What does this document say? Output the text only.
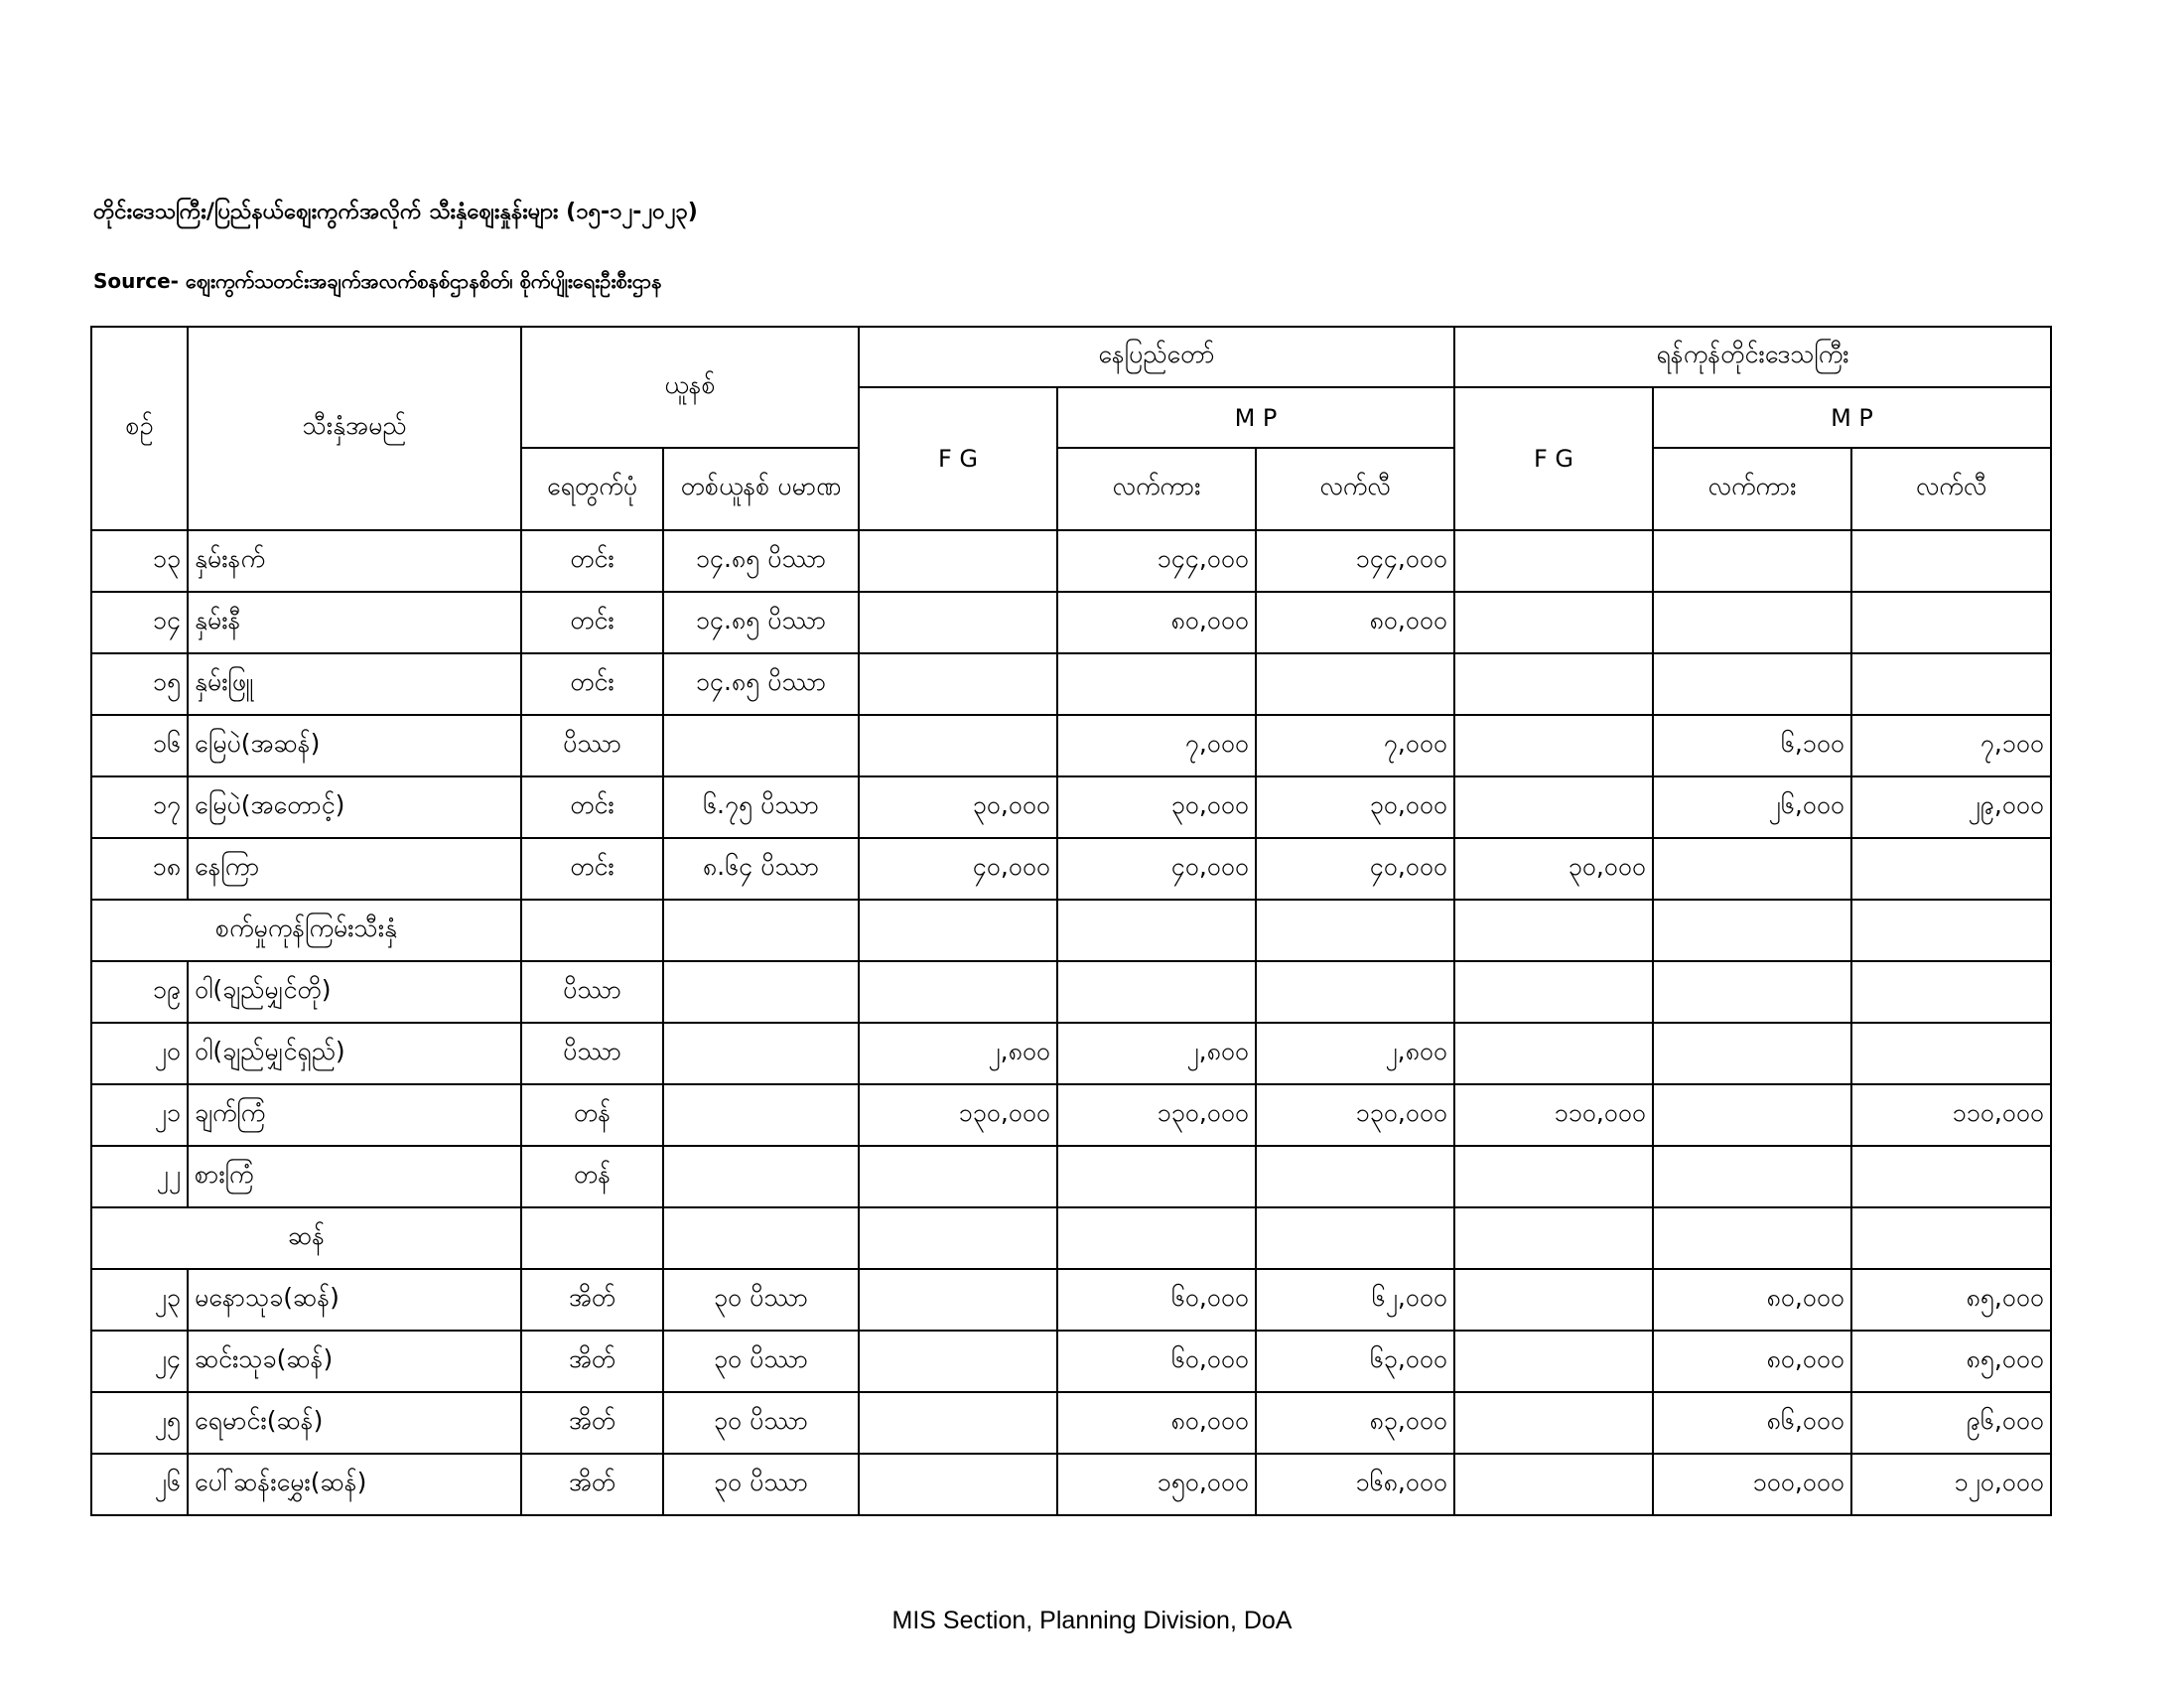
တိုင်းဒေသကြီး/ပြည်နယ်ဈေးကွက်အလိုက် သီးနှံဈေးနှုန်းများ (၁၅-၁၂-၂၀၂၃)
Source- ဈေးကွက်သတင်းအချက်အလက်စနစ်ဌာနစိတ်၊ စိုက်ပျိုးရေးဦးစီးဌာန
စဉ်	သီးနှံအမည်	ယူနစ်		နေပြည်တော်			ရန်ကုန်တိုင်းဒေသကြီး		
				F G	M P		F G	M P	
		ရေတွက်ပုံ	တစ်ယူနစ် ပမာဏ		လက်ကား	လက်လီ		လက်ကား	လက်လီ
၁၃	နှမ်းနက်	တင်း	၁၄.၈၅ ပိဿာ		၁၄၄,၀၀၀	၁၄၄,၀၀၀			
၁၄	နှမ်းနီ	တင်း	၁၄.၈၅ ပိဿာ		၈၀,၀၀၀	၈၀,၀၀၀			
၁၅	နှမ်းဖြူ	တင်း	၁၄.၈၅ ပိဿာ						
၁၆	မြေပဲ(အဆန်)	ပိဿာ			၇,၀၀၀	၇,၀၀၀		၆,၁၀၀	၇,၁၀၀
၁၇	မြေပဲ(အတောင့်)	တင်း	၆.၇၅ ပိဿာ	၃၀,၀၀၀	၃၀,၀၀၀	၃၀,၀၀၀		၂၆,၀၀၀	၂၉,၀၀၀
၁၈	နေကြာ	တင်း	၈.၆၄ ပိဿာ	၄၀,၀၀၀	၄၀,၀၀၀	၄၀,၀၀၀	၃၀,၀၀၀		
စက်မှုကုန်ကြမ်းသီးနှံ									
၁၉	ဝါ(ချည်မျှင်တို)	ပိဿာ							
၂၀	ဝါ(ချည်မျှင်ရှည်)	ပိဿာ		၂,၈၀၀	၂,၈၀၀	၂,၈၀၀			
၂၁	ချက်ကြံ	တန်		၁၃၀,၀၀၀	၁၃၀,၀၀၀	၁၃၀,၀၀၀	၁၁၀,၀၀၀		၁၁၀,၀၀၀
၂၂	စားကြံ	တန်							
ဆန်									
၂၃	မနောသုခ(ဆန်)	အိတ်	၃၀ ပိဿာ		၆၀,၀၀၀	၆၂,၀၀၀		၈၀,၀၀၀	၈၅,၀၀၀
၂၄	ဆင်းသုခ(ဆန်)	အိတ်	၃၀ ပိဿာ		၆၀,၀၀၀	၆၃,၀၀၀		၈၀,၀၀၀	၈၅,၀၀၀
၂၅	ရေမာင်း(ဆန်)	အိတ်	၃၀ ပိဿာ		၈၀,၀၀၀	၈၃,၀၀၀		၈၆,၀၀၀	၉၆,၀၀၀
၂၆	ပေါ်ဆန်းမွှေး(ဆန်)	အိတ်	၃၀ ပိဿာ		၁၅၀,၀၀၀	၁၆၈,၀၀၀		၁၀၀,၀၀၀	၁၂၀,၀၀၀
MIS Section, Planning Division, DoA
